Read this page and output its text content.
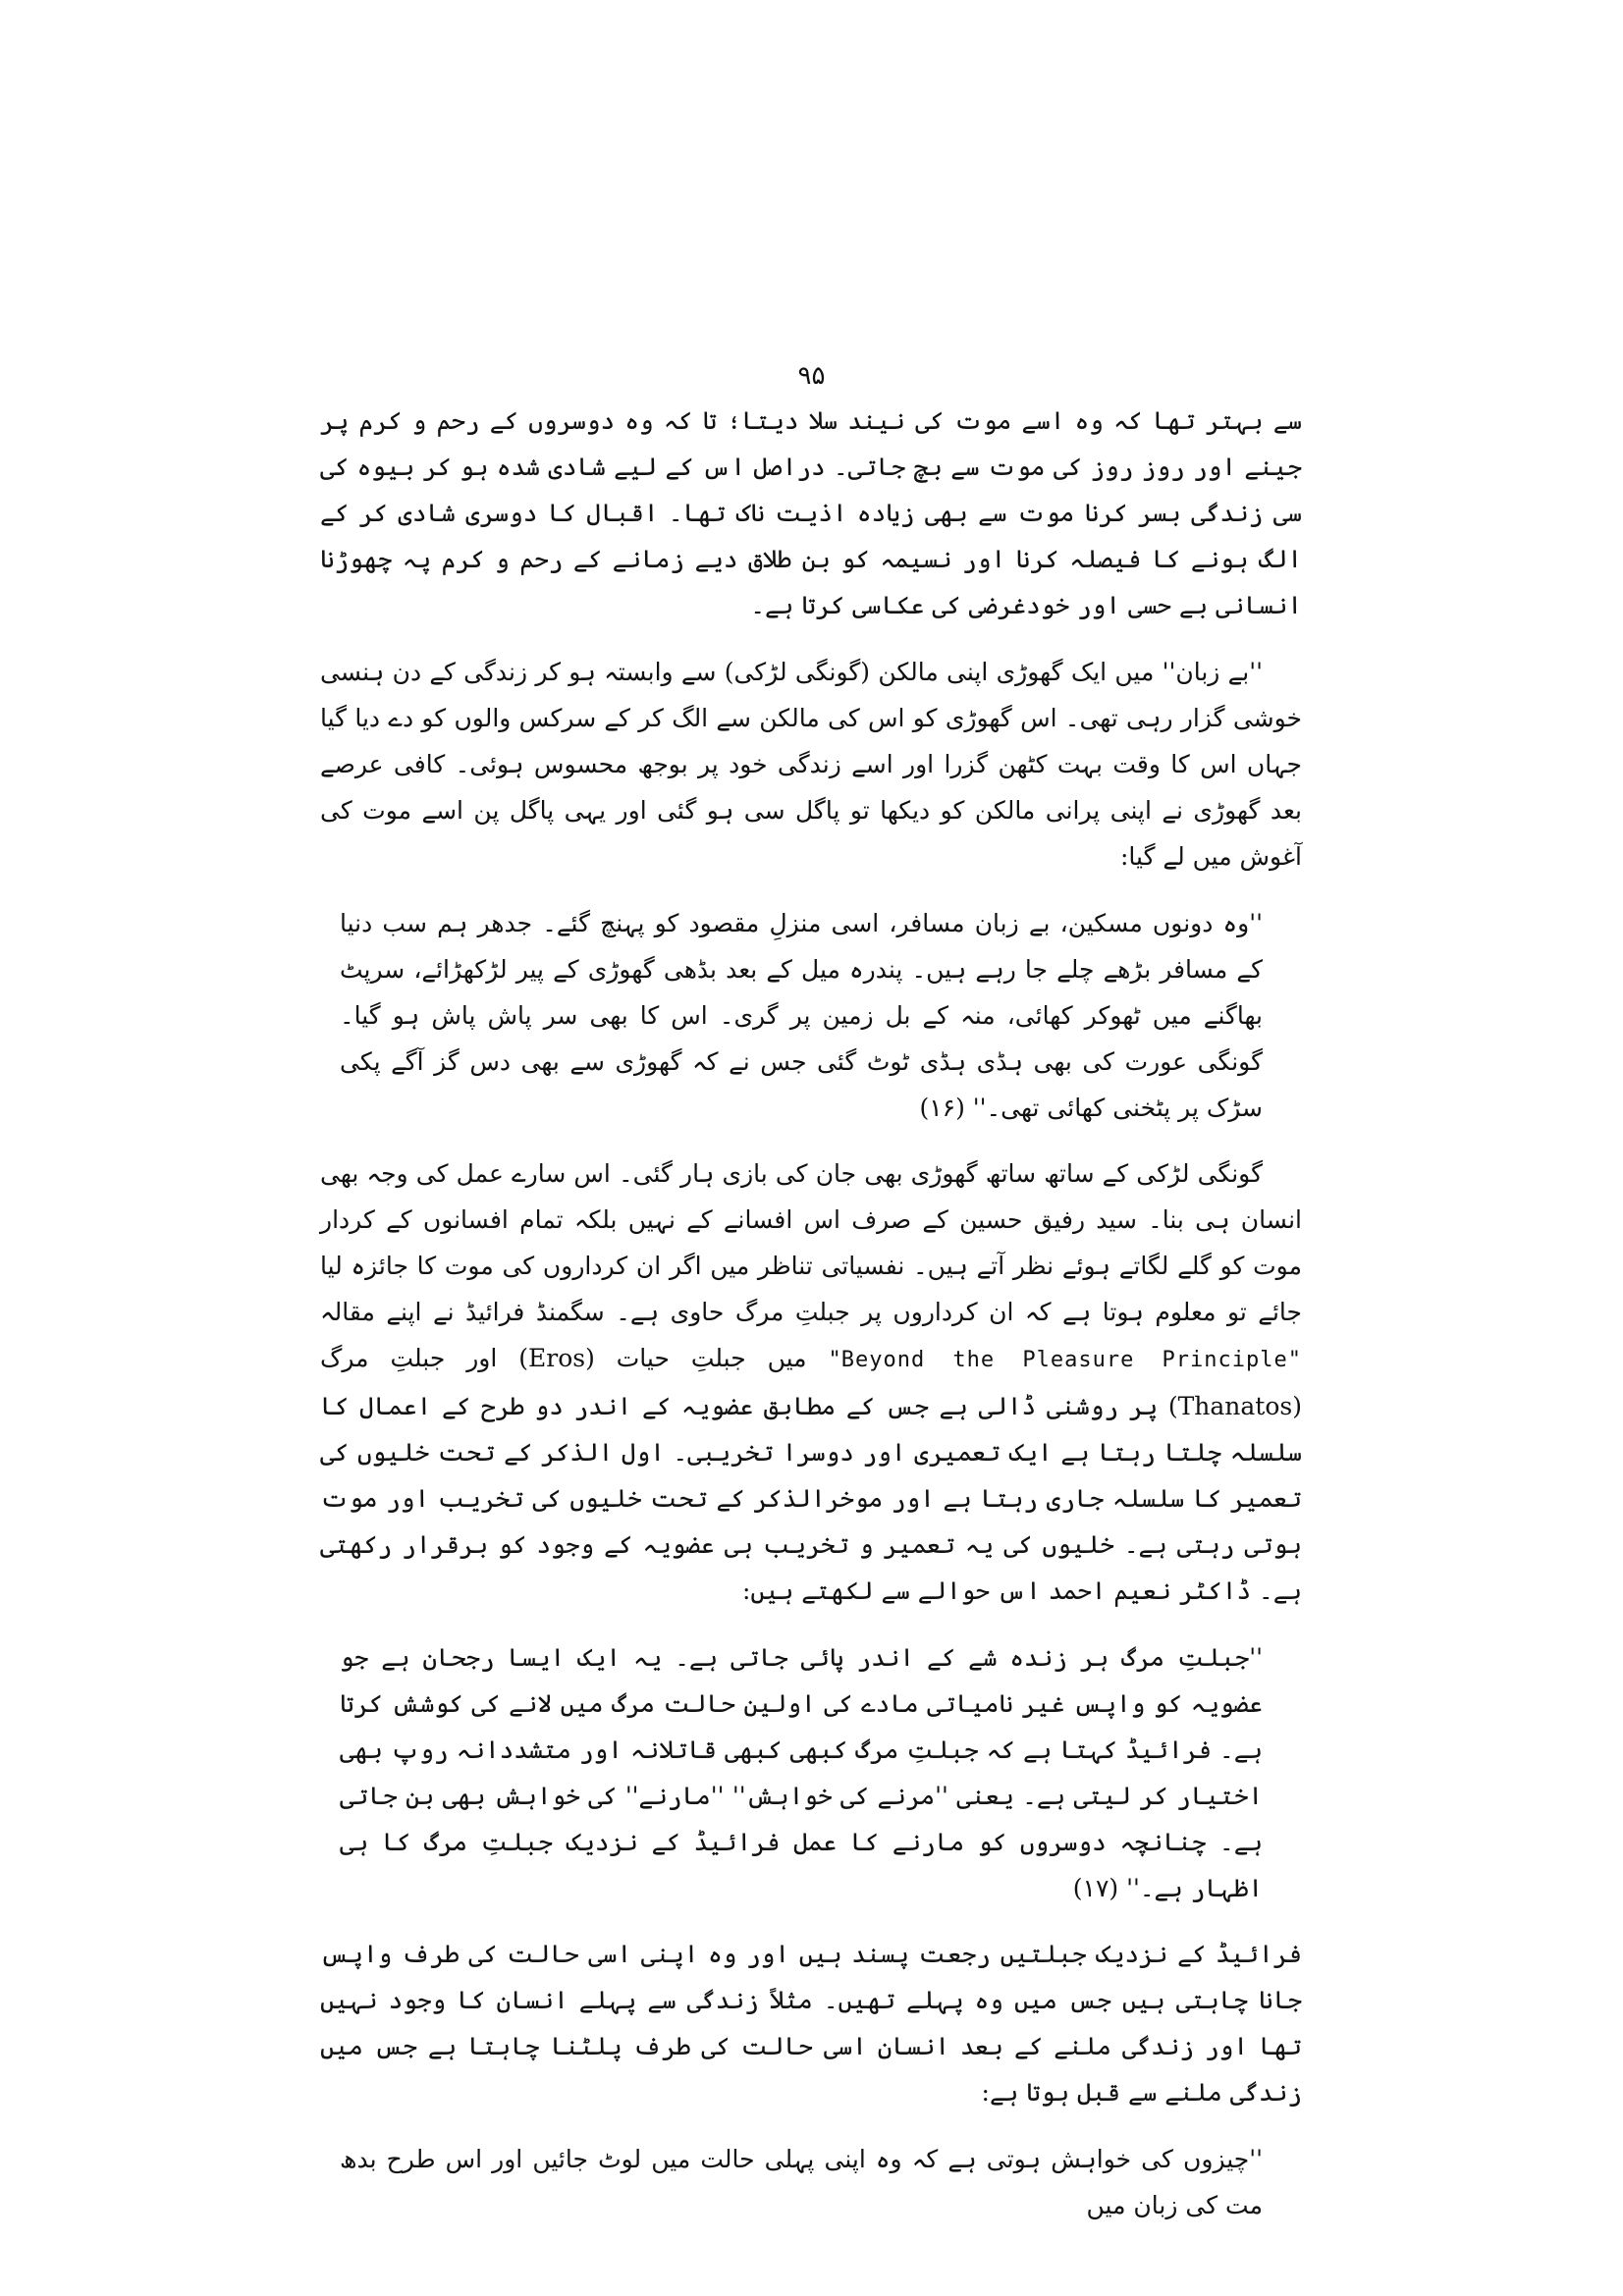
۹۵

سے بہتر تھا کہ وہ اسے موت کی نیند سلا دیتا؛ تا کہ وہ دوسروں کے رحم و کرم پر جینے اور روز روز کی موت سے بچ جاتی۔ دراصل اس کے لیے شادی شدہ ہو کر بیوہ کی سی زندگی بسر کرنا موت سے بھی زیادہ اذیت ناک تھا۔ اقبال کا دوسری شادی کر کے الگ ہونے کا فیصلہ کرنا اور نسیمہ کو بن طلاق دیے زمانے کے رحم و کرم پہ چھوڑنا انسانی بے حسی اور خودغرضی کی عکاسی کرتا ہے۔

''بے زبان'' میں ایک گھوڑی اپنی مالکن (گونگی لڑکی) سے وابستہ ہو کر زندگی کے دن ہنسی خوشی گزار رہی تھی۔ اس گھوڑی کو اس کی مالکن سے الگ کر کے سرکس والوں کو دے دیا گیا جہاں اس کا وقت بہت کٹھن گزرا اور اسے زندگی خود پر بوجھ محسوس ہوئی۔ کافی عرصے بعد گھوڑی نے اپنی پرانی مالکن کو دیکھا تو پاگل سی ہو گئی اور یہی پاگل پن اسے موت کی آغوش میں لے گیا:

''وہ دونوں مسکین، بے زبان مسافر، اسی منزلِ مقصود کو پہنچ گئے۔ جدھر ہم سب دنیا کے مسافر بڑھے چلے جا رہے ہیں۔ پندرہ میل کے بعد بڈھی گھوڑی کے پیر لڑکھڑائے، سرپٹ بھاگنے میں ٹھوکر کھائی، منہ کے بل زمین پر گری۔ اس کا بھی سر پاش پاش ہو گیا۔ گونگی عورت کی بھی ہڈی ہڈی ٹوٹ گئی جس نے کہ گھوڑی سے بھی دس گز آگے پکی سڑک پر پٹخنی کھائی تھی۔'' (۱۶)

گونگی لڑکی کے ساتھ ساتھ گھوڑی بھی جان کی بازی ہار گئی۔ اس سارے عمل کی وجہ بھی انسان ہی بنا۔ سید رفیق حسین کے صرف اس افسانے کے نہیں بلکہ تمام افسانوں کے کردار موت کو گلے لگاتے ہوئے نظر آتے ہیں۔ نفسیاتی تناظر میں اگر ان کرداروں کی موت کا جائزہ لیا جائے تو معلوم ہوتا ہے کہ ان کرداروں پر جبلتِ مرگ حاوی ہے۔ سگمنڈ فرائیڈ نے اپنے مقالہ "Beyond the Pleasure Principle" میں جبلتِ حیات (Eros) اور جبلتِ مرگ (Thanatos) پر روشنی ڈالی ہے جس کے مطابق عضویہ کے اندر دو طرح کے اعمال کا سلسلہ چلتا رہتا ہے ایک تعمیری اور دوسرا تخریبی۔ اول الذکر کے تحت خلیوں کی تعمیر کا سلسلہ جاری رہتا ہے اور موخرالذکر کے تحت خلیوں کی تخریب اور موت ہوتی رہتی ہے۔ خلیوں کی یہ تعمیر و تخریب ہی عضویہ کے وجود کو برقرار رکھتی ہے۔ ڈاکٹر نعیم احمد اس حوالے سے لکھتے ہیں:

''جبلتِ مرگ ہر زندہ شے کے اندر پائی جاتی ہے۔ یہ ایک ایسا رجحان ہے جو عضویہ کو واپس غیر نامیاتی مادے کی اولین حالت مرگ میں لانے کی کوشش کرتا ہے۔ فرائیڈ کہتا ہے کہ جبلتِ مرگ کبھی کبھی قاتلانہ اور متشددانہ روپ بھی اختیار کر لیتی ہے۔ یعنی ''مرنے کی خواہش'' ''مارنے'' کی خواہش بھی بن جاتی ہے۔ چنانچہ دوسروں کو مارنے کا عمل فرائیڈ کے نزدیک جبلتِ مرگ کا ہی اظہار ہے۔'' (۱۷)

فرائیڈ کے نزدیک جبلتیں رجعت پسند ہیں اور وہ اپنی اسی حالت کی طرف واپس جانا چاہتی ہیں جس میں وہ پہلے تھیں۔ مثلاً زندگی سے پہلے انسان کا وجود نہیں تھا اور زندگی ملنے کے بعد انسان اسی حالت کی طرف پلٹنا چاہتا ہے جس میں زندگی ملنے سے قبل ہوتا ہے:

''چیزوں کی خواہش ہوتی ہے کہ وہ اپنی پہلی حالت میں لوٹ جائیں اور اس طرح بدھ مت کی زبان میں
